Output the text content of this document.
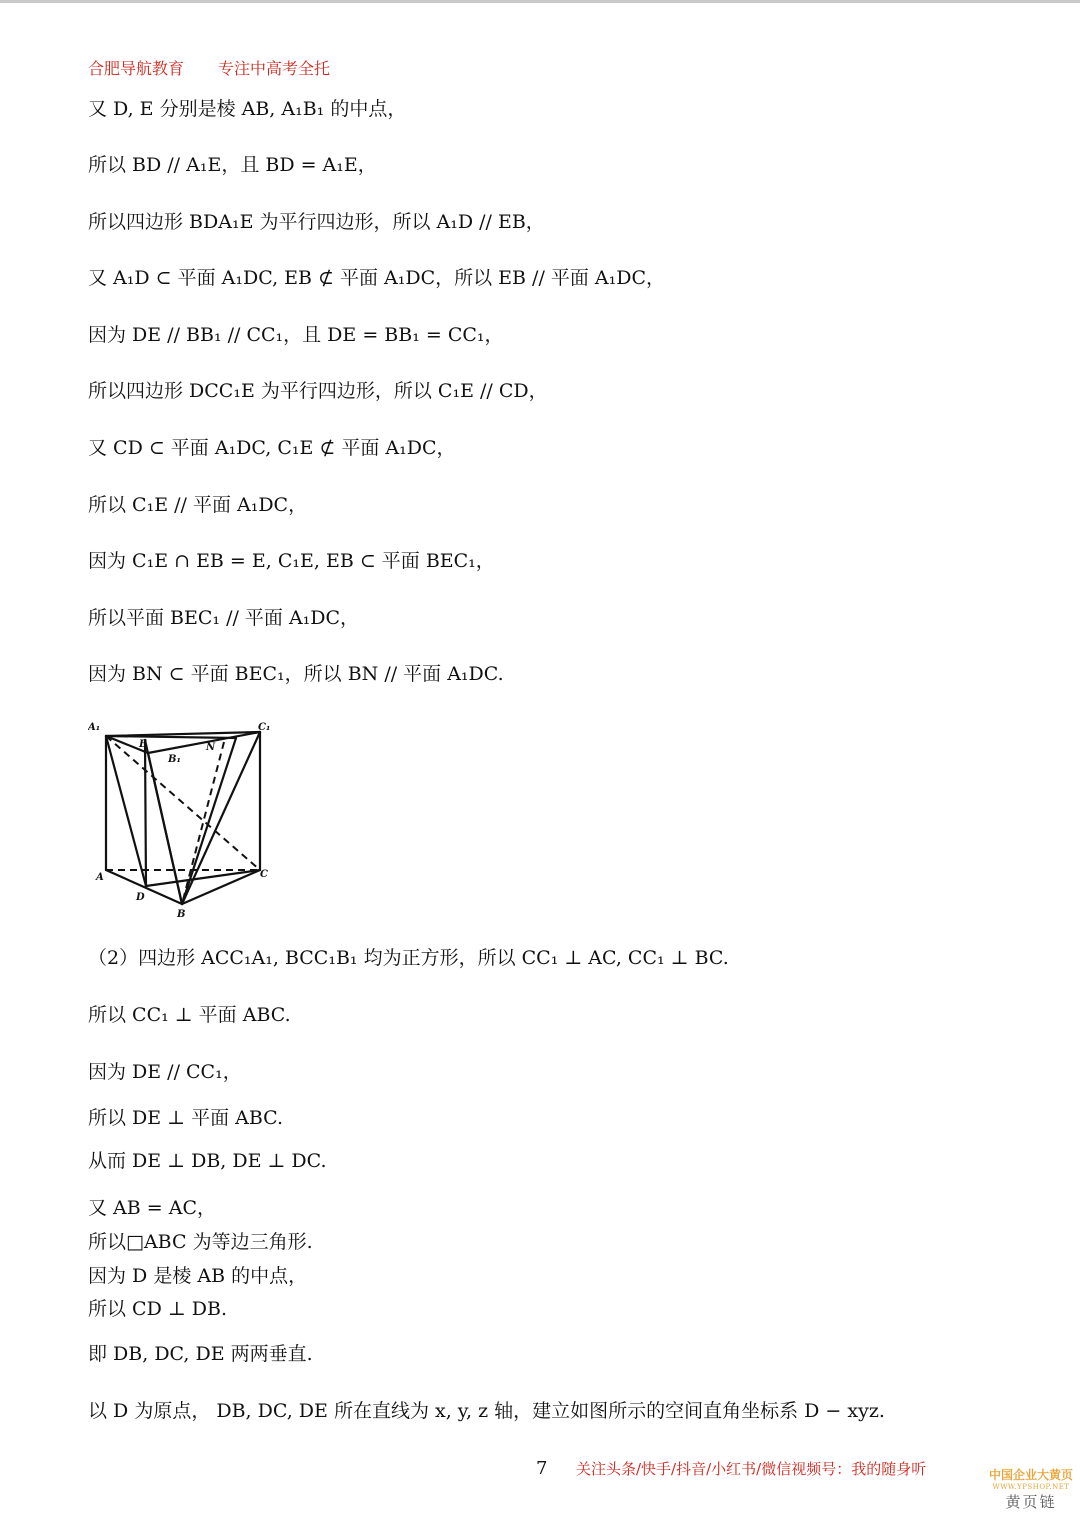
合肥导航教育 专注中高考全托
又 D, E 分别是棱 AB, A₁B₁ 的中点，
所以 BD // A₁E，且 BD = A₁E，
所以四边形 BDA₁E 为平行四边形，所以 A₁D // EB，
又 A₁D ⊂ 平面 A₁DC, EB ⊄ 平面 A₁DC，所以 EB // 平面 A₁DC，
因为 DE // BB₁ // CC₁，且 DE = BB₁ = CC₁，
所以四边形 DCC₁E 为平行四边形，所以 C₁E // CD，
又 CD ⊂ 平面 A₁DC, C₁E ⊄ 平面 A₁DC，
所以 C₁E // 平面 A₁DC，
因为 C₁E ∩ EB = E, C₁E, EB ⊂ 平面 BEC₁，
所以平面 BEC₁ // 平面 A₁DC，
因为 BN ⊂ 平面 BEC₁，所以 BN // 平面 A₁DC.
A₁
E
B₁
N
C₁
A
D
B
C
（2）四边形 ACC₁A₁, BCC₁B₁ 均为正方形，所以 CC₁ ⊥ AC, CC₁ ⊥ BC.
所以 CC₁ ⊥ 平面 ABC.
因为 DE // CC₁，
所以 DE ⊥ 平面 ABC.
从而 DE ⊥ DB, DE ⊥ DC.
又 AB = AC，
所以□ABC 为等边三角形.
因为 D 是棱 AB 的中点，
所以 CD ⊥ DB.
即 DB, DC, DE 两两垂直.
以 D 为原点， DB, DC, DE 所在直线为 x, y, z 轴，建立如图所示的空间直角坐标系 D − xyz.
7 关注头条/快手/抖音/小红书/微信视频号：我的随身听	中国企业大黄页
WWW.YPSHOP.NET
黄页链
